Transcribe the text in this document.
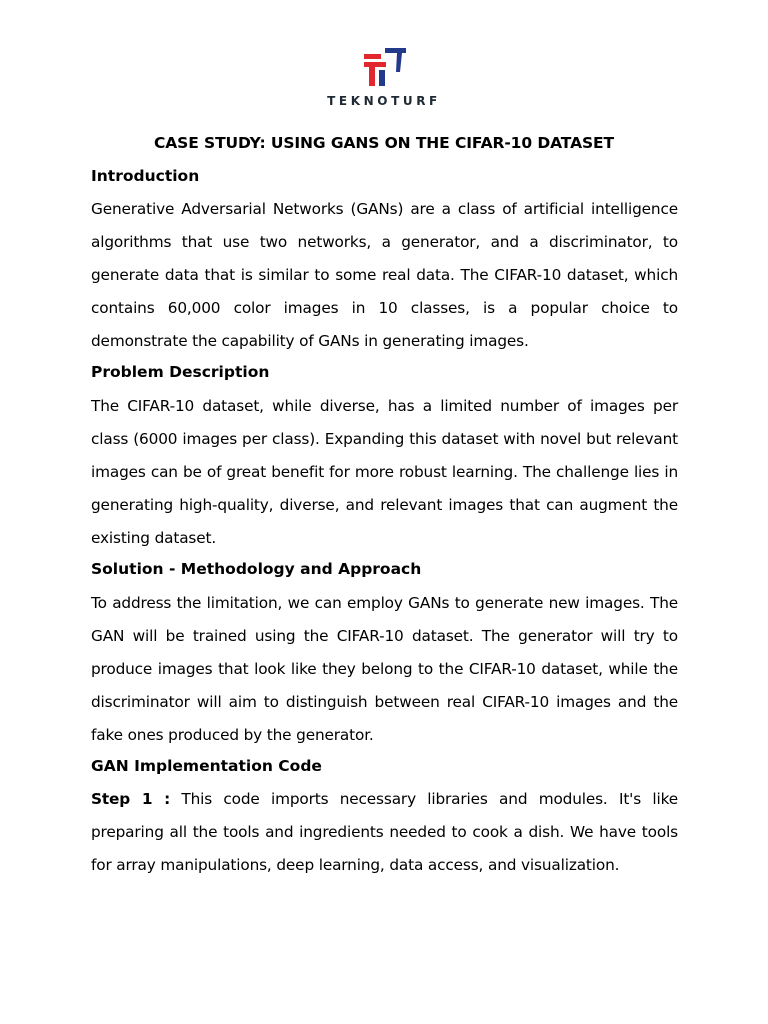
TEKNOTURF
CASE STUDY: USING GANS ON THE CIFAR-10 DATASET
Introduction

Generative Adversarial Networks (GANs) are a class of artificial intelligence algorithms that use two networks, a generator, and a discriminator, to generate data that is similar to some real data. The CIFAR-10 dataset, which contains 60,000 color images in 10 classes, is a popular choice to demonstrate the capability of GANs in generating images.

Problem Description

The CIFAR-10 dataset, while diverse, has a limited number of images per class (6000 images per class). Expanding this dataset with novel but relevant images can be of great benefit for more robust learning. The challenge lies in generating high-quality, diverse, and relevant images that can augment the existing dataset.

Solution - Methodology and Approach

To address the limitation, we can employ GANs to generate new images. The GAN will be trained using the CIFAR-10 dataset. The generator will try to produce images that look like they belong to the CIFAR-10 dataset, while the discriminator will aim to distinguish between real CIFAR-10 images and the fake ones produced by the generator.

GAN Implementation Code

Step 1 : This code imports necessary libraries and modules. It's like preparing all the tools and ingredients needed to cook a dish. We have tools for array manipulations, deep learning, data access, and visualization.
